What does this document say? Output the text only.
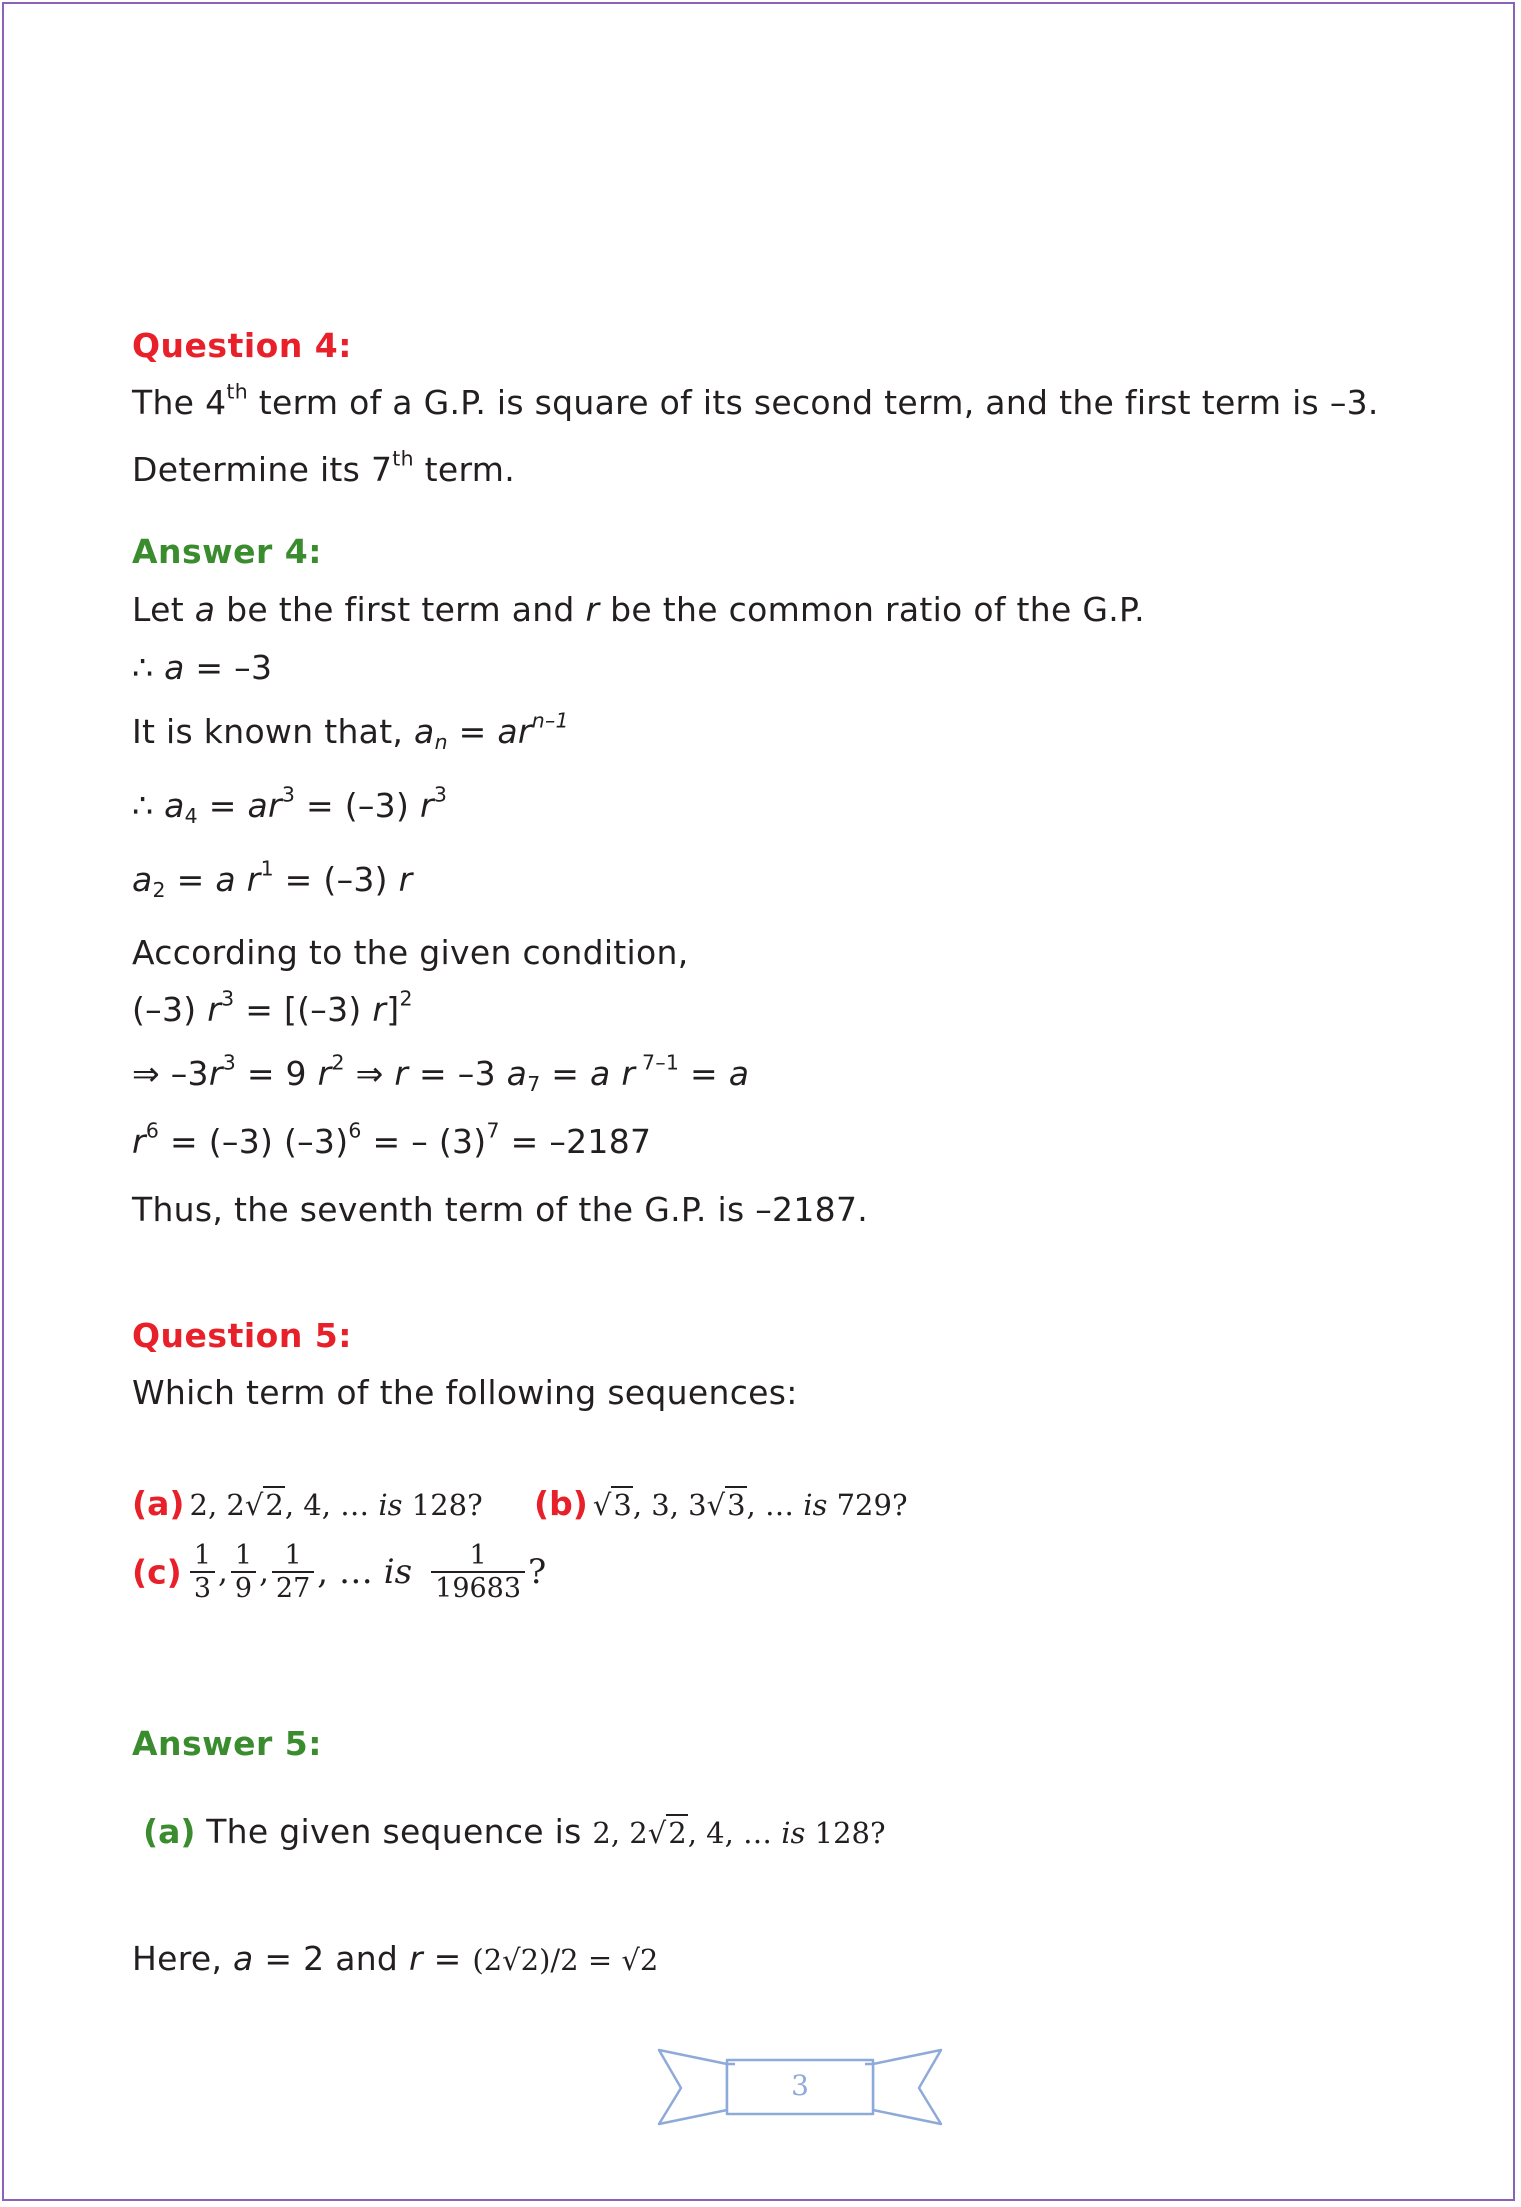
Question 4:
The 4th term of a G.P. is square of its second term, and the first term is –3.
Determine its 7th term.
Answer 4:
Let a be the first term and r be the common ratio of the G.P.
∴ a = –3
It is known that, $a_n = ar^{n-1}$
∴ $a_4 = ar^3 = (-3)$ $r^3$
$a_2 = a$ $r^1 = (-3)$ r
According to the given condition,
(–3) $r^3 = [(-3)$ r]$^2$
⇒ $-3r^3 = 9$ $r^2$ ⇒ r = –3 $a_7 = a$ r $^{7-1}$ = a
$r^6 = (-3) (-3)^6$ = – $(3)^7 = -2187$
Thus, the seventh term of the G.P. is –2187.
Question 5:
Which term of the following sequences:
(a) 2, 2√2, 4, … is 128? (b) √3, 3, 3√3, … is 729?
$(c) \frac{1}{3}$ , $\frac{1}{9}$ , $\frac{1}{27}$ , … is $\frac{1}{19683}$ ?
Answer 5:
(a) The given sequence is 2, 2√2, 4, … is 128?
Here, a = 2 and r = (2√2)/2 = √2
3
